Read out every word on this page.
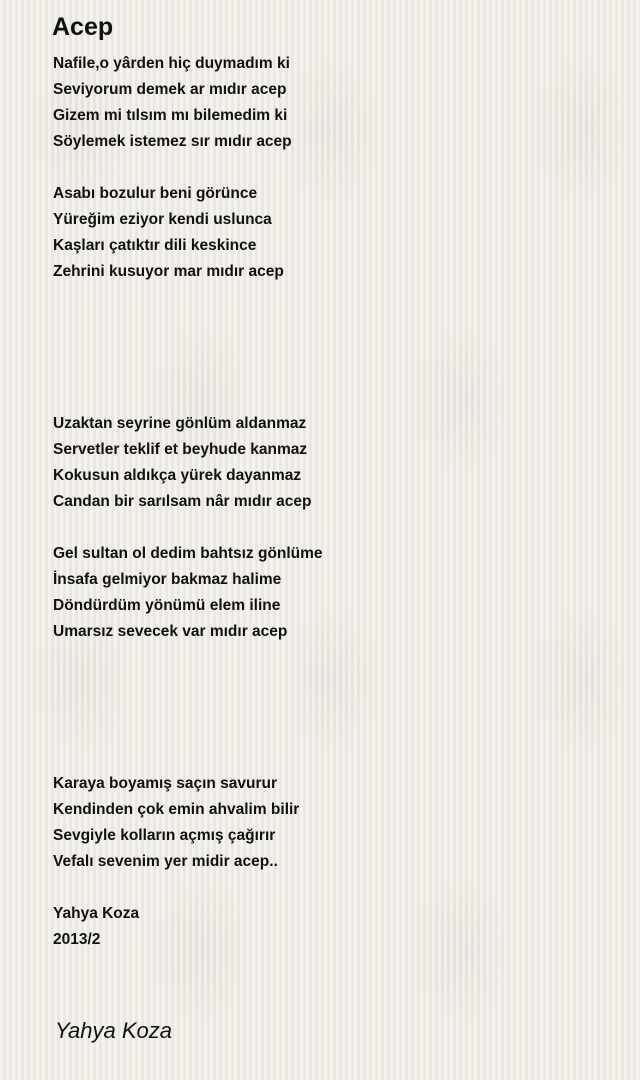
Acep
Nafile,o yârden hiç duymadım ki
Seviyorum demek ar mıdır acep
Gizem mi tılsım mı bilemedim ki
Söylemek istemez sır mıdır acep
Asabı bozulur beni görünce
Yüreğim eziyor kendi uslunca
Kaşları çatıktır dili keskince
Zehrini kusuyor mar mıdır acep
Uzaktan seyrine gönlüm aldanmaz
Servetler teklif et beyhude kanmaz
Kokusun aldıkça yürek dayanmaz
Candan bir sarılsam nâr mıdır acep
Gel sultan ol dedim bahtsız gönlüme
İnsafa gelmiyor bakmaz halime
Döndürdüm yönümü elem iline
Umarsız sevecek var mıdır acep
Karaya boyamış saçın savurur
Kendinden çok emin ahvalim bilir
Sevgiyle kolların açmış çağırır
Vefalı sevenim yer midir acep..
Yahya Koza
2013/2
Yahya Koza
